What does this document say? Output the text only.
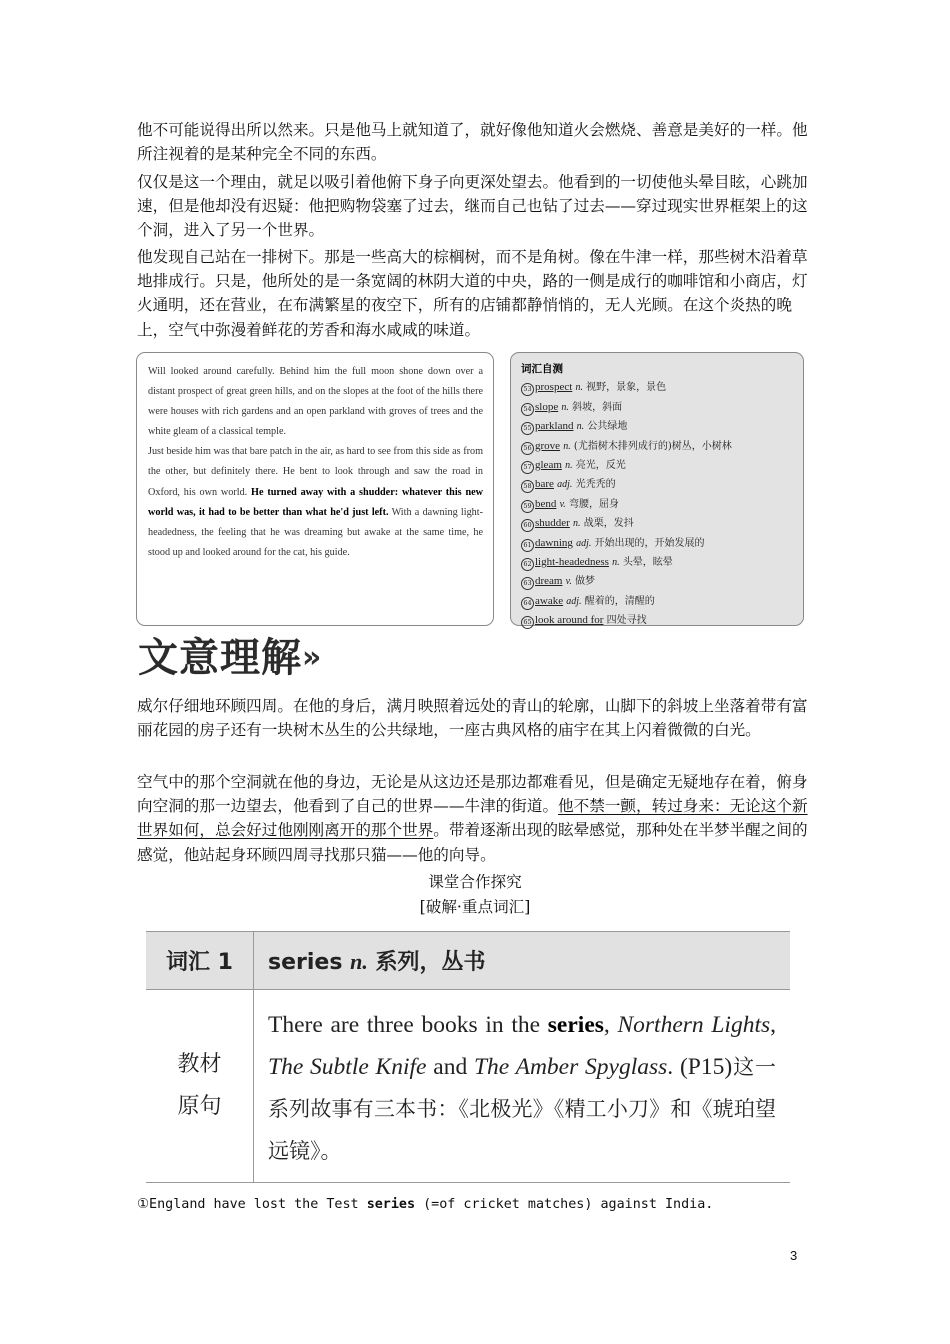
他不可能说得出所以然来。只是他马上就知道了，就好像他知道火会燃烧、善意是美好的一样。他所注视着的是某种完全不同的东西。

仅仅是这一个理由，就足以吸引着他俯下身子向更深处望去。他看到的一切使他头晕目眩，心跳加速，但是他却没有迟疑：他把购物袋塞了过去，继而自己也钻了过去——穿过现实世界框架上的这个洞，进入了另一个世界。

他发现自己站在一排树下。那是一些高大的棕榈树，而不是角树。像在牛津一样，那些树木沿着草地排成行。只是，他所处的是一条宽阔的林阴大道的中央，路的一侧是成行的咖啡馆和小商店，灯火通明，还在营业，在布满繁星的夜空下，所有的店铺都静悄悄的，无人光顾。在这个炎热的晚上，空气中弥漫着鲜花的芳香和海水咸咸的味道。

Will looked around carefully. Behind him the full moon shone down over a distant prospect of great green hills, and on the slopes at the foot of the hills there were houses with rich gardens and an open parkland with groves of trees and the white gleam of a classical temple.

Just beside him was that bare patch in the air, as hard to see from this side as from the other, but definitely there. He bent to look through and saw the road in Oxford, his own world. He turned away with a shudder: whatever this new world was, it had to be better than what he'd just left. With a dawning light-headedness, the feeling that he was dreaming but awake at the same time, he stood up and looked around for the cat, his guide.

词汇自测
53 prospect n. 视野，景象，景色
54 slope n. 斜坡，斜面
55 parkland n. 公共绿地
56 grove n. (尤指树木排列成行的)树丛，小树林
57 gleam n. 亮光，反光
58 bare adj. 光秃秃的
59 bend v. 弯腰，屈身
60 shudder n. 战栗，发抖
61 dawning adj. 开始出现的，开始发展的
62 light-headedness n. 头晕，眩晕
63 dream v. 做梦
64 awake adj. 醒着的，清醒的
65 look around for 四处寻找
文意理解»

威尔仔细地环顾四周。在他的身后，满月映照着远处的青山的轮廓，山脚下的斜坡上坐落着带有富丽花园的房子还有一块树木丛生的公共绿地，一座古典风格的庙宇在其上闪着微微的白光。

空气中的那个空洞就在他的身边，无论是从这边还是那边都难看见，但是确定无疑地存在着，俯身向空洞的那一边望去，他看到了自己的世界——牛津的街道。他不禁一颤，转过身来：无论这个新世界如何，总会好过他刚刚离开的那个世界。带着逐渐出现的眩晕感觉，那种处在半梦半醒之间的感觉，他站起身环顾四周寻找那只猫——他的向导。

课堂合作探究
[破解·重点词汇]
词汇 1	series n. 系列，丛书
教材
原句	There are three books in the series, Northern Lights, The Subtle Knife and The Amber Spyglass. (P15)这一系列故事有三本书：《北极光》《精工小刀》和《琥珀望远镜》。
①England have lost the Test series (=of cricket matches) against India.
3
